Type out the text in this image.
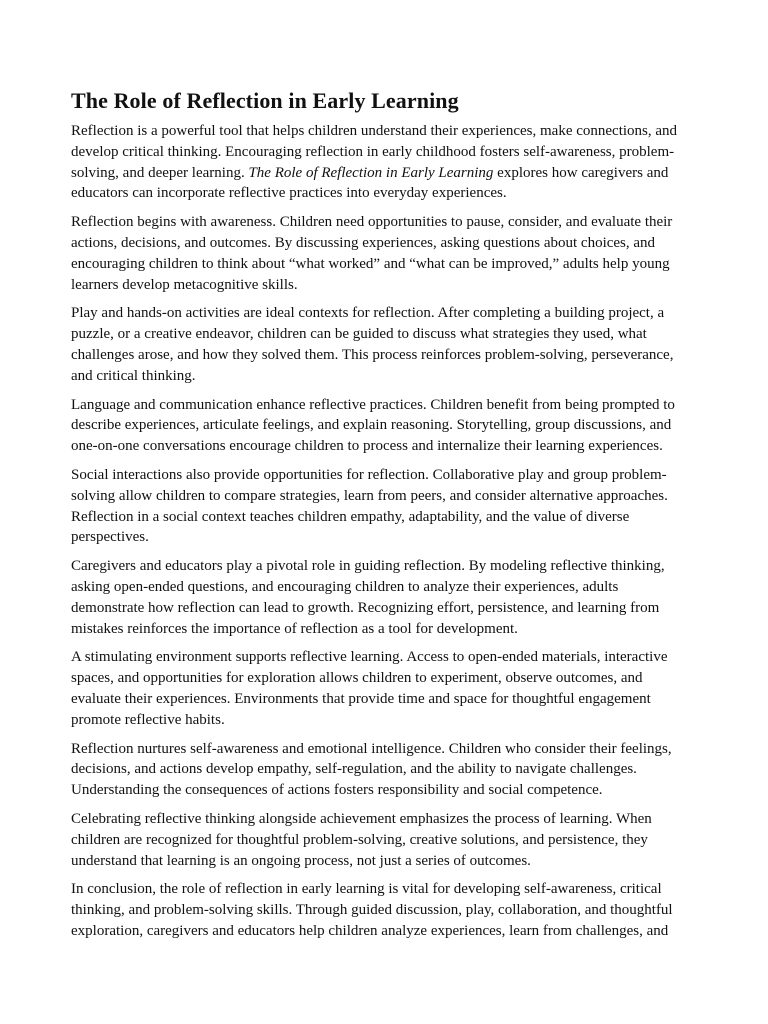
The Role of Reflection in Early Learning

Reflection is a powerful tool that helps children understand their experiences, make connections, and develop critical thinking. Encouraging reflection in early childhood fosters self-awareness, problem-solving, and deeper learning. The Role of Reflection in Early Learning explores how caregivers and educators can incorporate reflective practices into everyday experiences.

Reflection begins with awareness. Children need opportunities to pause, consider, and evaluate their actions, decisions, and outcomes. By discussing experiences, asking questions about choices, and encouraging children to think about “what worked” and “what can be improved,” adults help young learners develop metacognitive skills.

Play and hands-on activities are ideal contexts for reflection. After completing a building project, a puzzle, or a creative endeavor, children can be guided to discuss what strategies they used, what challenges arose, and how they solved them. This process reinforces problem-solving, perseverance, and critical thinking.

Language and communication enhance reflective practices. Children benefit from being prompted to describe experiences, articulate feelings, and explain reasoning. Storytelling, group discussions, and one-on-one conversations encourage children to process and internalize their learning experiences.

Social interactions also provide opportunities for reflection. Collaborative play and group problem-solving allow children to compare strategies, learn from peers, and consider alternative approaches. Reflection in a social context teaches children empathy, adaptability, and the value of diverse perspectives.

Caregivers and educators play a pivotal role in guiding reflection. By modeling reflective thinking, asking open-ended questions, and encouraging children to analyze their experiences, adults demonstrate how reflection can lead to growth. Recognizing effort, persistence, and learning from mistakes reinforces the importance of reflection as a tool for development.

A stimulating environment supports reflective learning. Access to open-ended materials, interactive spaces, and opportunities for exploration allows children to experiment, observe outcomes, and evaluate their experiences. Environments that provide time and space for thoughtful engagement promote reflective habits.

Reflection nurtures self-awareness and emotional intelligence. Children who consider their feelings, decisions, and actions develop empathy, self-regulation, and the ability to navigate challenges. Understanding the consequences of actions fosters responsibility and social competence.

Celebrating reflective thinking alongside achievement emphasizes the process of learning. When children are recognized for thoughtful problem-solving, creative solutions, and persistence, they understand that learning is an ongoing process, not just a series of outcomes.

In conclusion, the role of reflection in early learning is vital for developing self-awareness, critical thinking, and problem-solving skills. Through guided discussion, play, collaboration, and thoughtful exploration, caregivers and educators help children analyze experiences, learn from challenges, and
